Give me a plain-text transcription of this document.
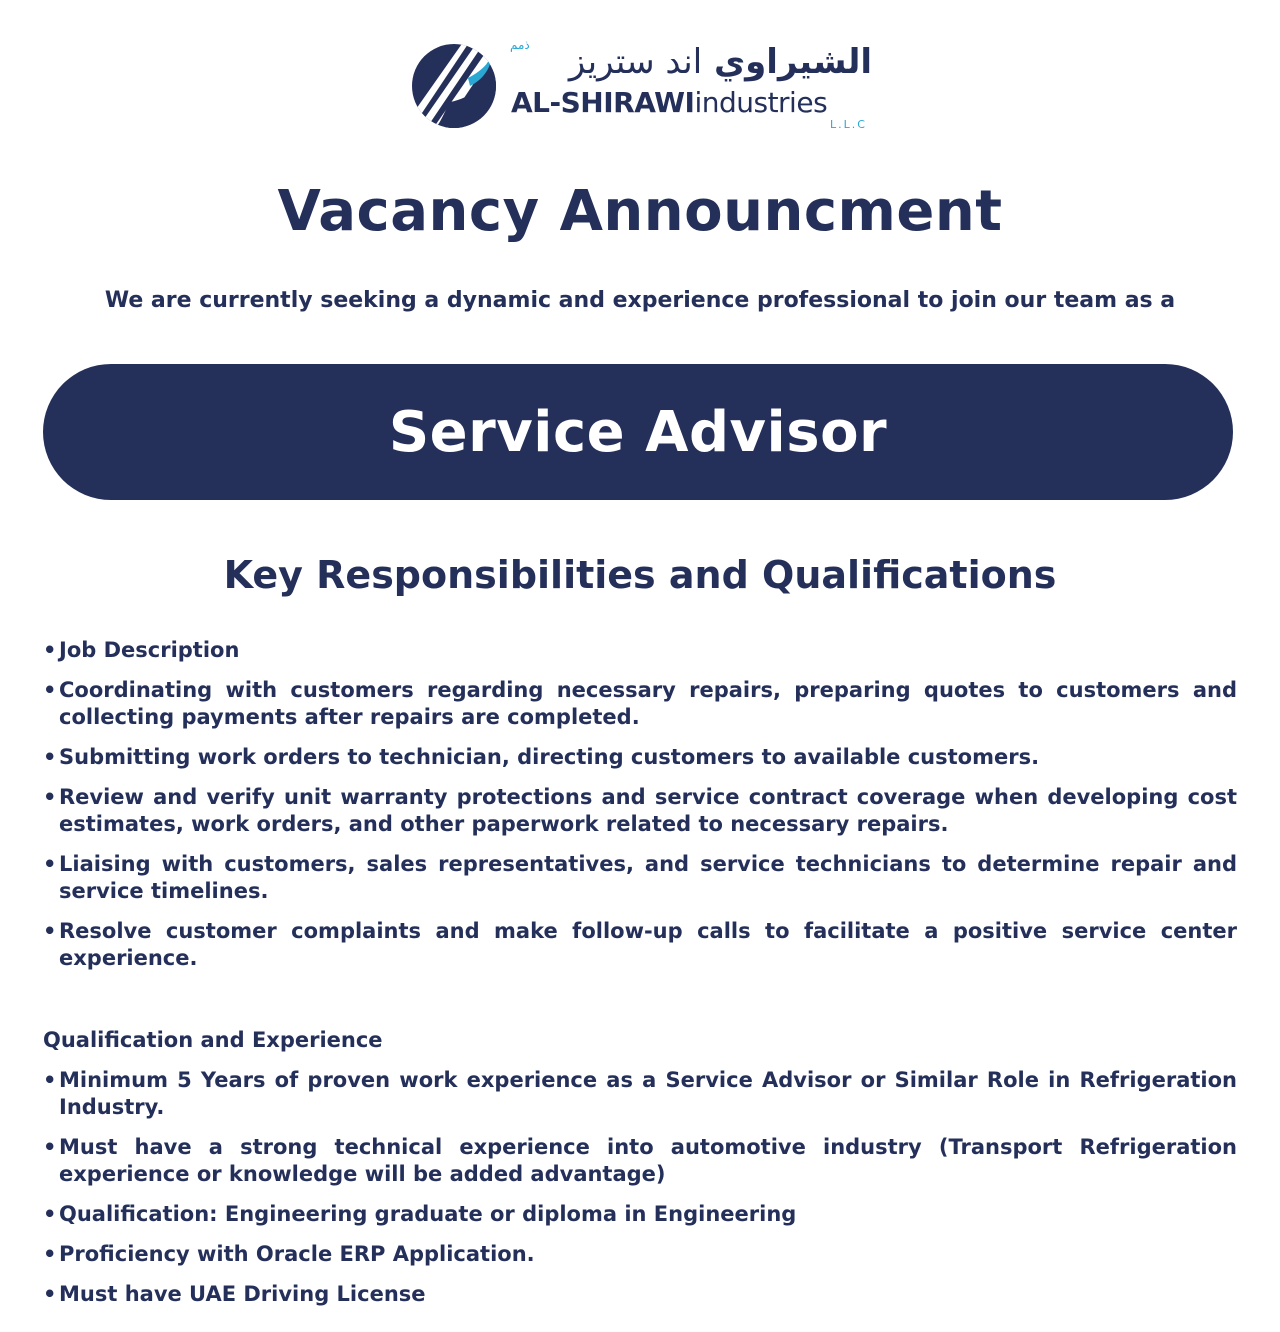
ذمم	الشيراوي اند ستريز
AL-SHIRAWIindustries
L.L.C
Vacancy Announcment
We are currently seeking a dynamic and experience professional to join our team as a
Service Advisor
Key Responsibilities and Qualifications
• Job Description
• Coordinating with customers regarding necessary repairs, preparing quotes to customers and collecting payments after repairs are completed.
• Submitting work orders to technician, directing customers to available customers.
• Review and verify unit warranty protections and service contract coverage when developing cost estimates, work orders, and other paperwork related to necessary repairs.
• Liaising with customers, sales representatives, and service technicians to determine repair and service timelines.
• Resolve customer complaints and make follow-up calls to facilitate a positive service center experience.
Qualification and Experience
• Minimum 5 Years of proven work experience as a Service Advisor or Similar Role in Refrigeration Industry.
• Must have a strong technical experience into automotive industry (Transport Refrigeration experience or knowledge will be added advantage)
• Qualification: Engineering graduate or diploma in Engineering
• Proficiency with Oracle ERP Application.
• Must have UAE Driving License
